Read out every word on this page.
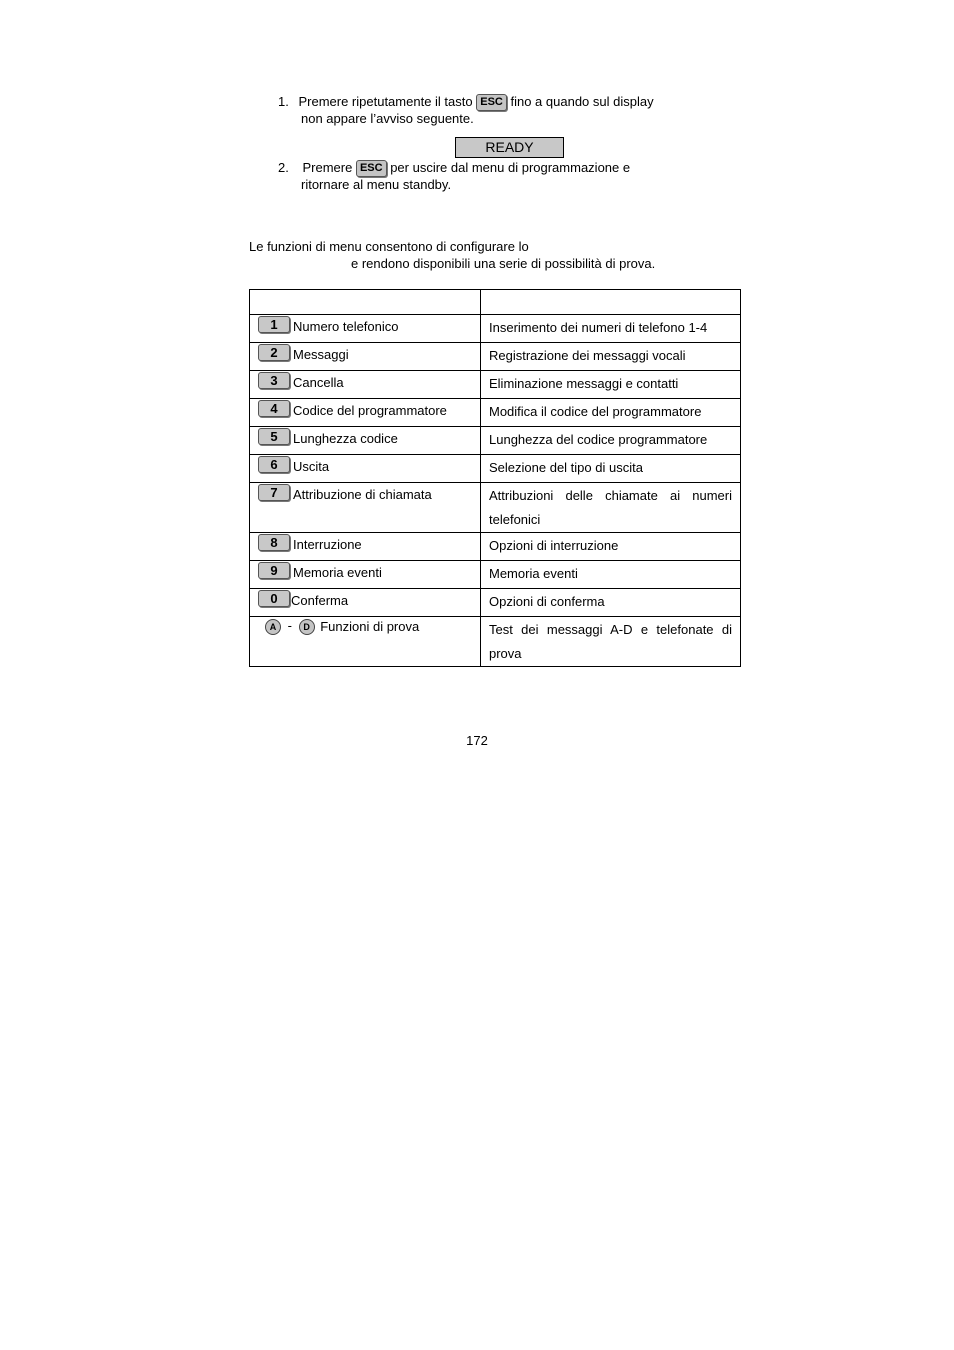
1. Premere ripetutamente il tasto ESC fino a quando sul display
non appare l’avviso seguente.
READY
2. Premere ESC per uscire dal menu di programmazione e
ritornare al menu standby.
Le funzioni di menu consentono di configurare lo
e rendono disponibili una serie di possibilità di prova.

1 Numero telefonico	Inserimento dei numeri di telefono 1-4

2 Messaggi	Registrazione dei messaggi vocali

3 Cancella	Eliminazione messaggi e contatti

4 Codice del programmatore	Modifica il codice del programmatore

5 Lunghezza codice	Lunghezza del codice programmatore

6 Uscita	Selezione del tipo di uscita

7 Attribuzione di chiamata	Attribuzioni delle chiamate ai numeri telefonici

8 Interruzione	Opzioni di interruzione

9 Memoria eventi	Memoria eventi

0 Conferma	Opzioni di conferma

A - D Funzioni di prova	Test dei messaggi A-D e telefonate di prova
172
